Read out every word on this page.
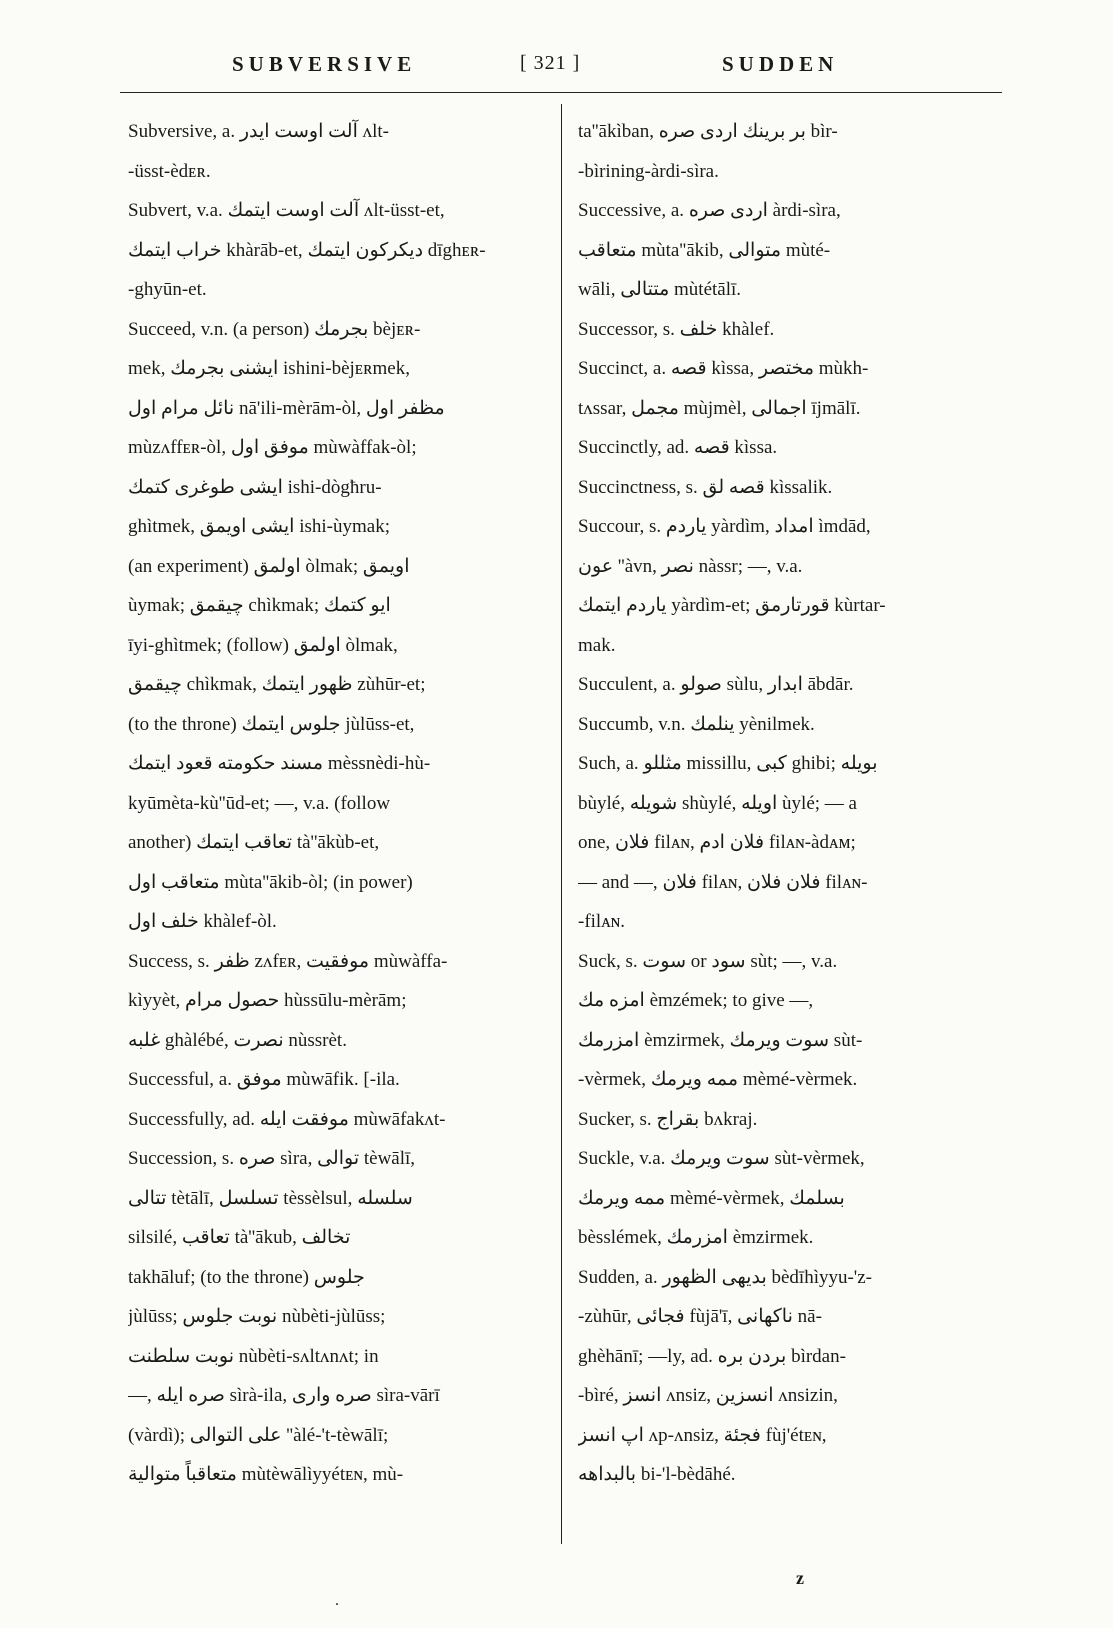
SUBVERSIVE	[ 321 ]	SUDDEN
Subversive, a. آلت اوست ایدر ʌlt-
-üsst-èdᴇʀ.
Subvert, v.a. آلت اوست ایتمك ʌlt-üsst-et,
خراب ایتمك khàrāb-et, دیکرکون ایتمك dīghᴇʀ-
-ghyūn-et.
Succeed, v.n. (a person) بجرمك bèjᴇʀ-
mek, ایشنی بجرمك ishini-bèjᴇʀmek,
نائل مرام اول nā'ili-mèrām-òl, مظفر اول
mùzʌffᴇʀ-òl, موفق اول mùwàffak-òl;
ایشی طوغری کتمك ishi-dògħru-
ghìtmek, ایشی اویمق ishi-ùymak;
(an experiment) اولمق òlmak; اویمق
ùymak; چیقمق chìkmak; ایو کتمك
īyi-ghìtmek; (follow) اولمق òlmak,
چیقمق chìkmak, ظهور ایتمك zùhūr-et;
(to the throne) جلوس ایتمك jùlūss-et,
مسند حکومته قعود ایتمك mèssnèdi-hù-
kyūmèta-kù''ūd-et; —, v.a. (follow
another) تعاقب ایتمك tà''ākùb-et,
متعاقب اول mùta''ākib-òl; (in power)
خلف اول khàlef-òl.
Success, s. ظفر zʌfᴇʀ, موفقیت mùwàffa-
kìyyèt, حصول مرام hùssūlu-mèrām;
غلبه ghàlébé, نصرت nùssrèt.
Successful, a. موفق mùwāfik. [-ila.
Successfully, ad. موفقت ایله mùwāfakʌt-
Succession, s. صره sìra, توالی tèwālī,
تتالی tètālī, تسلسل tèssèlsul, سلسله
silsilé, تعاقب tà''ākub, تخالف
takhāluf; (to the throne) جلوس
jùlūss; نوبت جلوس nùbèti-jùlūss;
نوبت سلطنت nùbèti-sʌltʌnʌt; in
—, صره ایله sìrà-ila, صره واری sìra-vārī
(vàrdì); علی التوالی ''àlé-'t-tèwālī;
متعاقباً متوالیة mùtèwālìyyétᴇɴ, mù-
ta''ākìban, بر برینك اردی صره bìr-
-bìrining-àrdi-sìra.
Successive, a. اردی صره àrdi-sìra,
متعاقب mùta''ākib, متوالی mùté-
wāli, متتالی mùtétālī.
Successor, s. خلف khàlef.
Succinct, a. قصه kìssa, مختصر mùkh-
tʌssar, مجمل mùjmèl, اجمالی ījmālī.
Succinctly, ad. قصه kìssa.
Succinctness, s. قصه لق kìssalik.
Succour, s. یاردم yàrdìm, امداد ìmdād,
عون ''àvn, نصر nàssr; —, v.a.
یاردم ایتمك yàrdìm-et; قورتارمق kùrtar-
mak.
Succulent, a. صولو sùlu, ابدار ābdār.
Succumb, v.n. ینلمك yènilmek.
Such, a. مثللو missillu, کبی ghibi; بویله
bùylé, شویله shùylé, اویله ùylé; — a
one, فلان filᴀɴ, فلان ادم filᴀɴ-àdᴀᴍ;
— and —, فلان filᴀɴ, فلان فلان filᴀɴ-
-filᴀɴ.
Suck, s. سوت or سود sùt; —, v.a.
امزه مك èmzémek; to give —,
امزرمك èmzirmek, سوت ویرمك sùt-
-vèrmek, ممه ویرمك mèmé-vèrmek.
Sucker, s. بقراج bʌkraj.
Suckle, v.a. سوت ویرمك sùt-vèrmek,
ممه ویرمك mèmé-vèrmek, بسلمك
bèsslémek, امزرمك èmzirmek.
Sudden, a. بدیهی الظهور bèdīhìyyu-'z-
-zùhūr, فجائی fùjā'ī, ناکهانی nā-
ghèhānī; —ly, ad. بردن بره bìrdan-
-bìré, انسز ʌnsiz, انسزین ʌnsizin,
اپ انسز ʌp-ʌnsiz, فجئة fùj'étᴇɴ,
بالبداهه bi-'l-bèdāhé.
z
.
